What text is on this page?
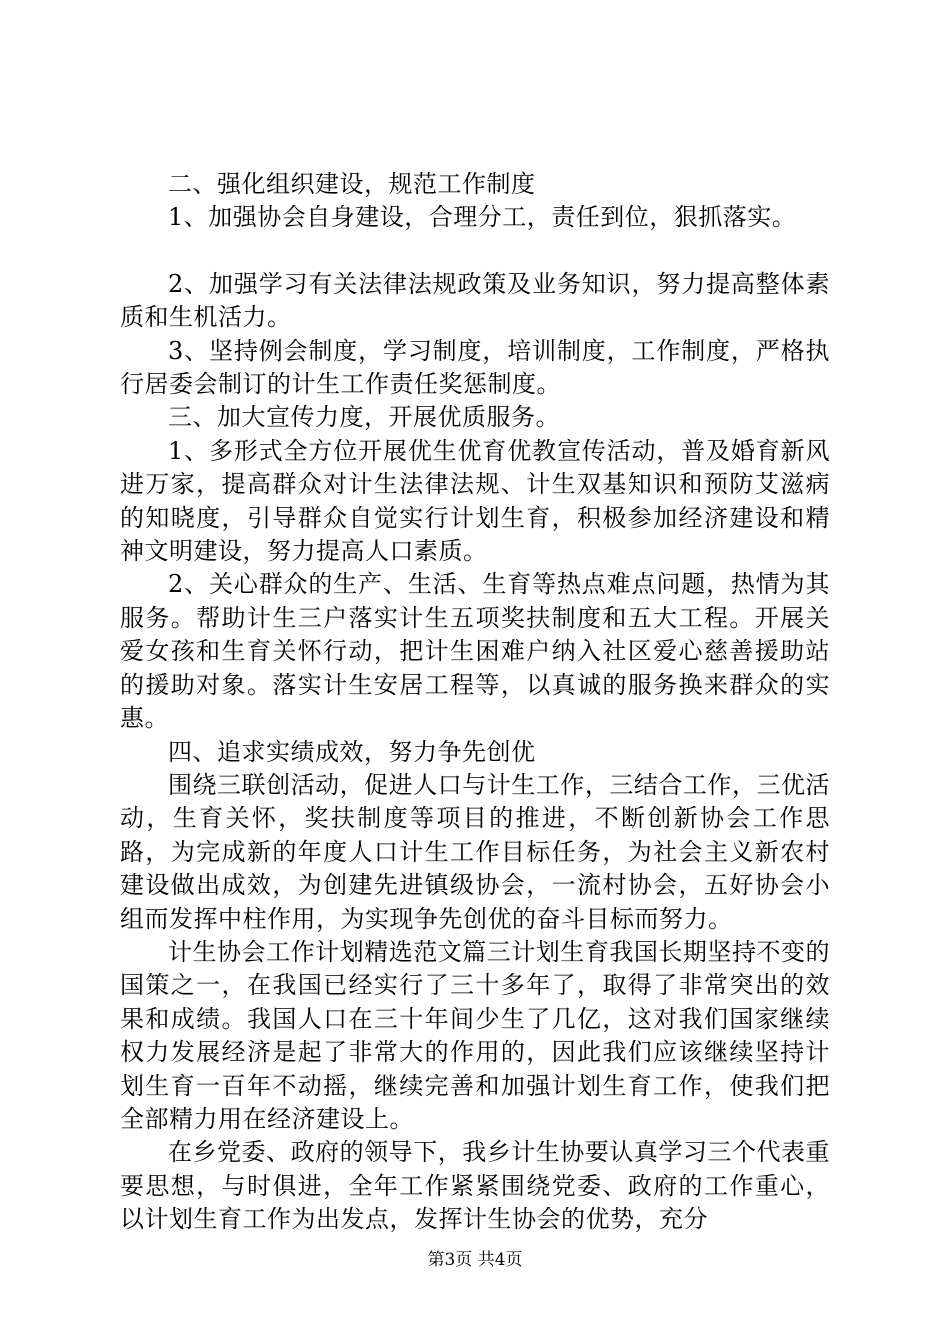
二、强化组织建设，规范工作制度

1、加强协会自身建设，合理分工，责任到位，狠抓落实。

2、加强学习有关法律法规政策及业务知识，努力提高整体素质和生机活力。

3、坚持例会制度，学习制度，培训制度，工作制度，严格执行居委会制订的计生工作责任奖惩制度。

三、加大宣传力度，开展优质服务。

1、多形式全方位开展优生优育优教宣传活动，普及婚育新风进万家，提高群众对计生法律法规、计生双基知识和预防艾滋病的知晓度，引导群众自觉实行计划生育，积极参加经济建设和精神文明建设，努力提高人口素质。

2、关心群众的生产、生活、生育等热点难点问题，热情为其服务。帮助计生三户落实计生五项奖扶制度和五大工程。开展关爱女孩和生育关怀行动，把计生困难户纳入社区爱心慈善援助站的援助对象。落实计生安居工程等，以真诚的服务换来群众的实惠。

四、追求实绩成效，努力争先创优

围绕三联创活动，促进人口与计生工作，三结合工作，三优活动，生育关怀，奖扶制度等项目的推进，不断创新协会工作思路，为完成新的年度人口计生工作目标任务，为社会主义新农村建设做出成效，为创建先进镇级协会，一流村协会，五好协会小组而发挥中柱作用，为实现争先创优的奋斗目标而努力。

计生协会工作计划精选范文篇三计划生育我国长期坚持不变的国策之一，在我国已经实行了三十多年了，取得了非常突出的效果和成绩。我国人口在三十年间少生了几亿，这对我们国家继续权力发展经济是起了非常大的作用的，因此我们应该继续坚持计划生育一百年不动摇，继续完善和加强计划生育工作，使我们把全部精力用在经济建设上。

在乡党委、政府的领导下，我乡计生协要认真学习三个代表重要思想，与时俱进，全年工作紧紧围绕党委、政府的工作重心，以计划生育工作为出发点，发挥计生协会的优势，充分

第3页 共4页
